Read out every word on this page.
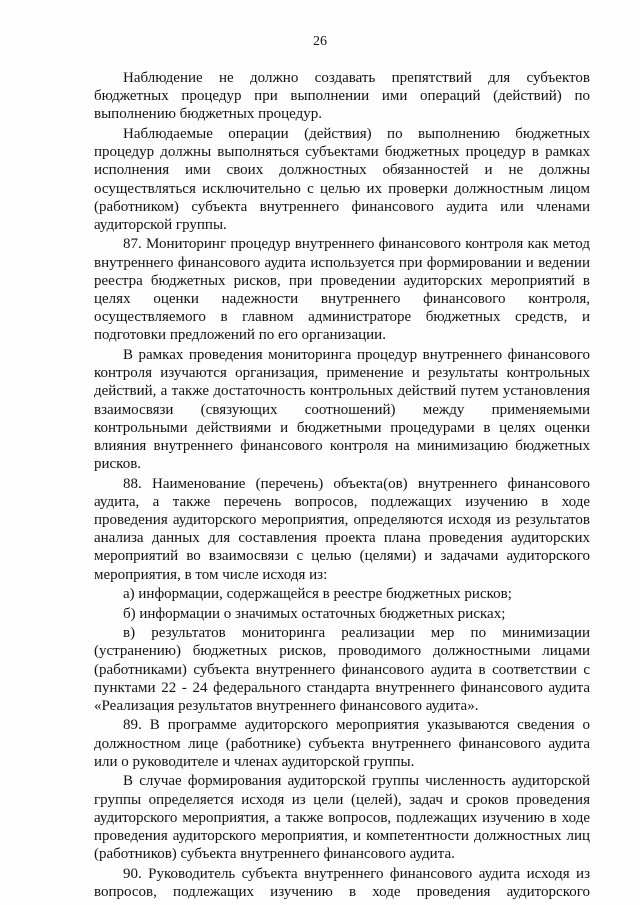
26

Наблюдение не должно создавать препятствий для субъектов бюджетных процедур при выполнении ими операций (действий) по выполнению бюджетных процедур.

Наблюдаемые операции (действия) по выполнению бюджетных процедур должны выполняться субъектами бюджетных процедур в рамках исполнения ими своих должностных обязанностей и не должны осуществляться исключительно с целью их проверки должностным лицом (работником) субъекта внутреннего финансового аудита или членами аудиторской группы.

87. Мониторинг процедур внутреннего финансового контроля как метод внутреннего финансового аудита используется при формировании и ведении реестра бюджетных рисков, при проведении аудиторских мероприятий в целях оценки надежности внутреннего финансового контроля, осуществляемого в главном администраторе бюджетных средств, и подготовки предложений по его организации.

В рамках проведения мониторинга процедур внутреннего финансового контроля изучаются организация, применение и результаты контрольных действий, а также достаточность контрольных действий путем установления взаимосвязи (связующих соотношений) между применяемыми контрольными действиями и бюджетными процедурами в целях оценки влияния внутреннего финансового контроля на минимизацию бюджетных рисков.

88. Наименование (перечень) объекта(ов) внутреннего финансового аудита, а также перечень вопросов, подлежащих изучению в ходе проведения аудиторского мероприятия, определяются исходя из результатов анализа данных для составления проекта плана проведения аудиторских мероприятий во взаимосвязи с целью (целями) и задачами аудиторского мероприятия, в том числе исходя из:

а) информации, содержащейся в реестре бюджетных рисков;

б) информации о значимых остаточных бюджетных рисках;

в) результатов мониторинга реализации мер по минимизации (устранению) бюджетных рисков, проводимого должностными лицами (работниками) субъекта внутреннего финансового аудита в соответствии с пунктами 22 - 24 федерального стандарта внутреннего финансового аудита «Реализация результатов внутреннего финансового аудита».

89. В программе аудиторского мероприятия указываются сведения о должностном лице (работнике) субъекта внутреннего финансового аудита или о руководителе и членах аудиторской группы.

В случае формирования аудиторской группы численность аудиторской группы определяется исходя из цели (целей), задач и сроков проведения аудиторского мероприятия, а также вопросов, подлежащих изучению в ходе проведения аудиторского мероприятия, и компетентности должностных лиц (работников) субъекта внутреннего финансового аудита.

90. Руководитель субъекта внутреннего финансового аудита исходя из вопросов, подлежащих изучению в ходе проведения аудиторского
